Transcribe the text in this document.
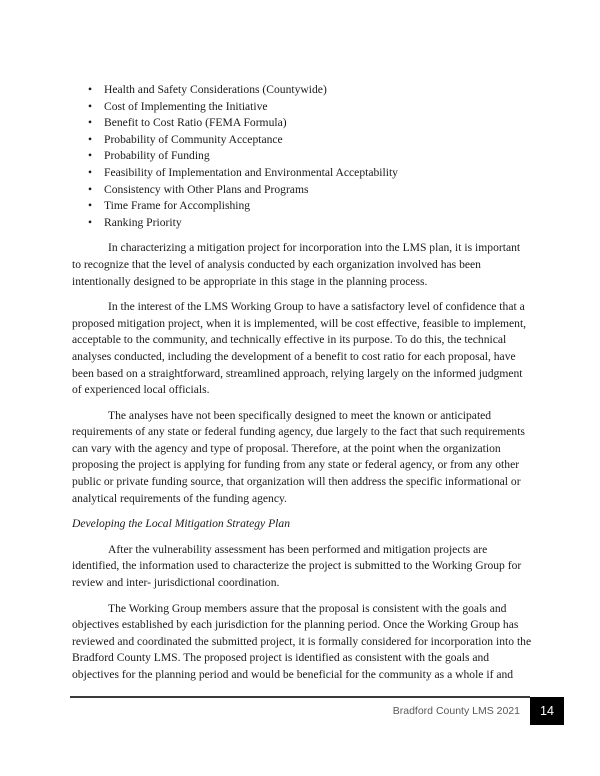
• Health and Safety Considerations (Countywide)
• Cost of Implementing the Initiative
• Benefit to Cost Ratio (FEMA Formula)
• Probability of Community Acceptance
• Probability of Funding
• Feasibility of Implementation and Environmental Acceptability
• Consistency with Other Plans and Programs
• Time Frame for Accomplishing
• Ranking Priority

In characterizing a mitigation project for incorporation into the LMS plan, it is important to recognize that the level of analysis conducted by each organization involved has been intentionally designed to be appropriate in this stage in the planning process.

In the interest of the LMS Working Group to have a satisfactory level of confidence that a proposed mitigation project, when it is implemented, will be cost effective, feasible to implement, acceptable to the community, and technically effective in its purpose. To do this, the technical analyses conducted, including the development of a benefit to cost ratio for each proposal, have been based on a straightforward, streamlined approach, relying largely on the informed judgment of experienced local officials.

The analyses have not been specifically designed to meet the known or anticipated requirements of any state or federal funding agency, due largely to the fact that such requirements can vary with the agency and type of proposal. Therefore, at the point when the organization proposing the project is applying for funding from any state or federal agency, or from any other public or private funding source, that organization will then address the specific informational or analytical requirements of the funding agency.

Developing the Local Mitigation Strategy Plan

After the vulnerability assessment has been performed and mitigation projects are identified, the information used to characterize the project is submitted to the Working Group for review and inter- jurisdictional coordination.

The Working Group members assure that the proposal is consistent with the goals and objectives established by each jurisdiction for the planning period. Once the Working Group has reviewed and coordinated the submitted project, it is formally considered for incorporation into the Bradford County LMS. The proposed project is identified as consistent with the goals and objectives for the planning period and would be beneficial for the community as a whole if and

Bradford County LMS 2021	14
